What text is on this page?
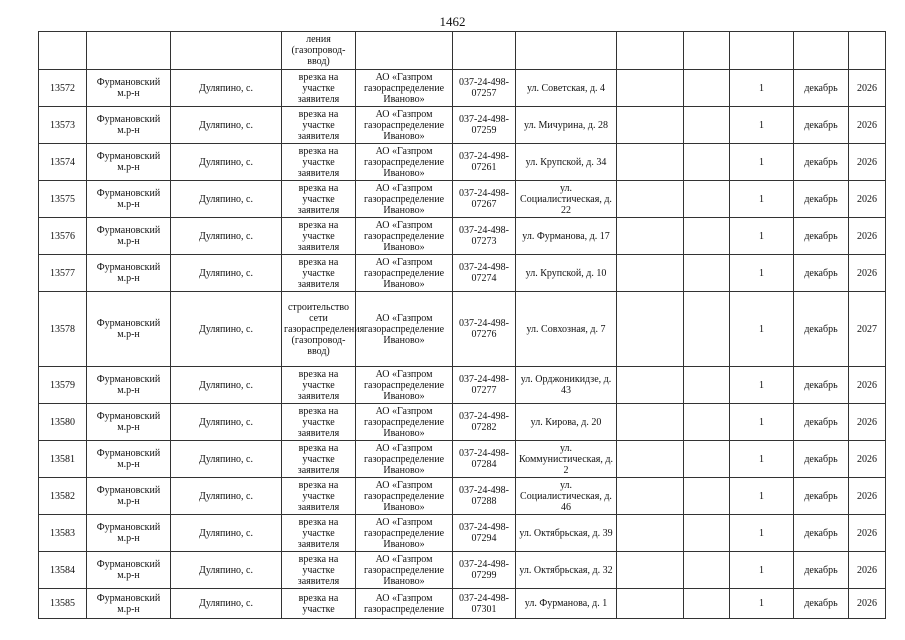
1462
			ления (газопровод-ввод)								
13572	Фурмановский м.р-н	Дуляпино, с.	врезка на участке заявителя	АО «Газпром газораспределение Иваново»	037-24-498-07257	ул. Советская, д. 4			1	декабрь	2026
13573	Фурмановский м.р-н	Дуляпино, с.	врезка на участке заявителя	АО «Газпром газораспределение Иваново»	037-24-498-07259	ул. Мичурина, д. 28			1	декабрь	2026
13574	Фурмановский м.р-н	Дуляпино, с.	врезка на участке заявителя	АО «Газпром газораспределение Иваново»	037-24-498-07261	ул. Крупской, д. 34			1	декабрь	2026
13575	Фурмановский м.р-н	Дуляпино, с.	врезка на участке заявителя	АО «Газпром газораспределение Иваново»	037-24-498-07267	ул. Социалистическая, д. 22			1	декабрь	2026
13576	Фурмановский м.р-н	Дуляпино, с.	врезка на участке заявителя	АО «Газпром газораспределение Иваново»	037-24-498-07273	ул. Фурманова, д. 17			1	декабрь	2026
13577	Фурмановский м.р-н	Дуляпино, с.	врезка на участке заявителя	АО «Газпром газораспределение Иваново»	037-24-498-07274	ул. Крупской, д. 10			1	декабрь	2026
13578	Фурмановский м.р-н	Дуляпино, с.	строительство сети газораспределения (газопровод-ввод)	АО «Газпром газораспределение Иваново»	037-24-498-07276	ул. Совхозная, д. 7			1	декабрь	2027
13579	Фурмановский м.р-н	Дуляпино, с.	врезка на участке заявителя	АО «Газпром газораспределение Иваново»	037-24-498-07277	ул. Орджоникидзе, д. 43			1	декабрь	2026
13580	Фурмановский м.р-н	Дуляпино, с.	врезка на участке заявителя	АО «Газпром газораспределение Иваново»	037-24-498-07282	ул. Кирова, д. 20			1	декабрь	2026
13581	Фурмановский м.р-н	Дуляпино, с.	врезка на участке заявителя	АО «Газпром газораспределение Иваново»	037-24-498-07284	ул. Коммунистическая, д. 2			1	декабрь	2026
13582	Фурмановский м.р-н	Дуляпино, с.	врезка на участке заявителя	АО «Газпром газораспределение Иваново»	037-24-498-07288	ул. Социалистическая, д. 46			1	декабрь	2026
13583	Фурмановский м.р-н	Дуляпино, с.	врезка на участке заявителя	АО «Газпром газораспределение Иваново»	037-24-498-07294	ул. Октябрьская, д. 39			1	декабрь	2026
13584	Фурмановский м.р-н	Дуляпино, с.	врезка на участке заявителя	АО «Газпром газораспределение Иваново»	037-24-498-07299	ул. Октябрьская, д. 32			1	декабрь	2026
13585	Фурмановский м.р-н	Дуляпино, с.	врезка на участке	АО «Газпром газораспределение	037-24-498-07301	ул. Фурманова, д. 1			1	декабрь	2026
